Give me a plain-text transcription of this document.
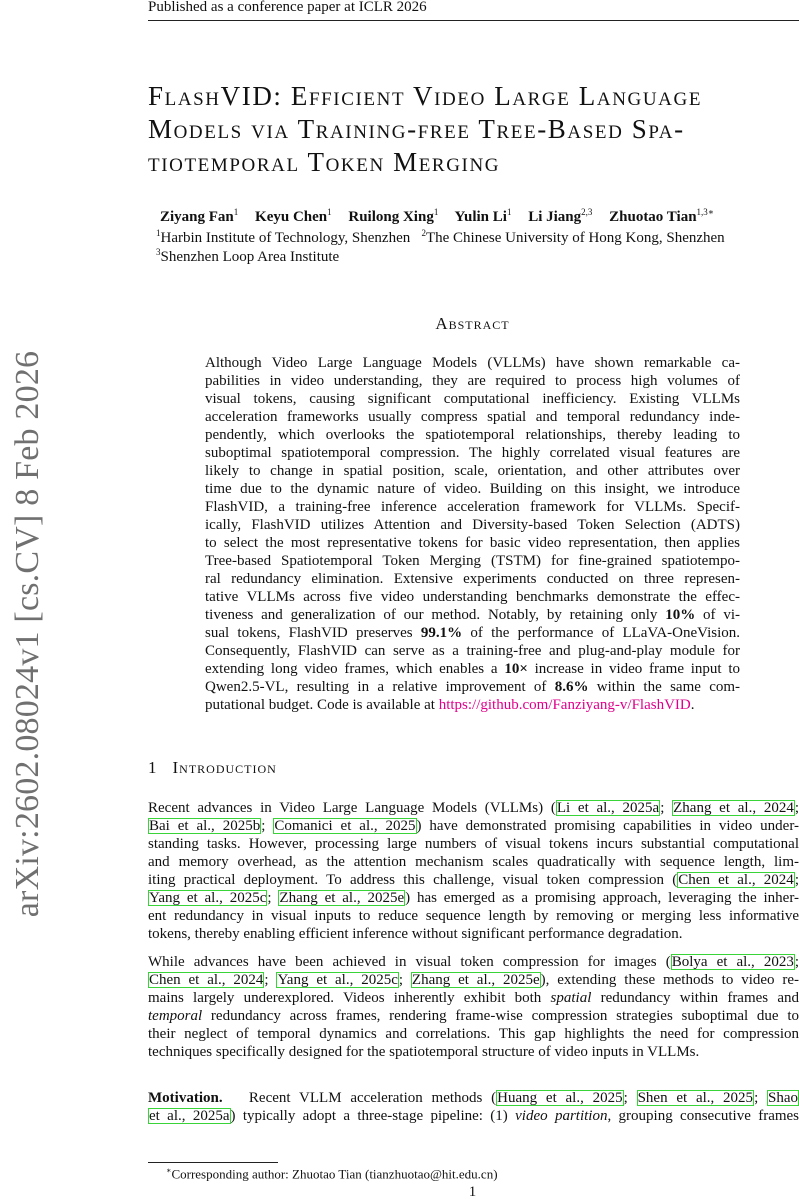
Published as a conference paper at ICLR 2026
arXiv:2602.08024v1 [cs.CV] 8 Feb 2026
FlashVID: Efficient Video Large Language
Models via Training-free Tree-Based Spa-
tiotemporal Token Merging
Ziyang Fan$^1$ Keyu Chen$^1$ Ruilong Xing$^1$ Yulin Li$^1$ Li Jiang$^{2,3}$ Zhuotao Tian$^{1,3∗}$
$^1$Harbin Institute of Technology, Shenzhen $^2$The Chinese University of Hong Kong, Shenzhen
$^3$Shenzhen Loop Area Institute
Abstract
Although Video Large Language Models (VLLMs) have shown remarkable ca-
pabilities in video understanding, they are required to process high volumes of
visual tokens, causing significant computational inefficiency. Existing VLLMs
acceleration frameworks usually compress spatial and temporal redundancy inde-
pendently, which overlooks the spatiotemporal relationships, thereby leading to
suboptimal spatiotemporal compression. The highly correlated visual features are
likely to change in spatial position, scale, orientation, and other attributes over
time due to the dynamic nature of video. Building on this insight, we introduce
FlashVID, a training-free inference acceleration framework for VLLMs. Specif-
ically, FlashVID utilizes Attention and Diversity-based Token Selection (ADTS)
to select the most representative tokens for basic video representation, then applies
Tree-based Spatiotemporal Token Merging (TSTM) for fine-grained spatiotempo-
ral redundancy elimination. Extensive experiments conducted on three represen-
tative VLLMs across five video understanding benchmarks demonstrate the effec-
tiveness and generalization of our method. Notably, by retaining only 10% of vi-
sual tokens, FlashVID preserves 99.1% of the performance of LLaVA-OneVision.
Consequently, FlashVID can serve as a training-free and plug-and-play module for
extending long video frames, which enables a 10× increase in video frame input to
Qwen2.5-VL, resulting in a relative improvement of 8.6% within the same com-
putational budget. Code is available at https://github.com/Fanziyang-v/FlashVID.
1 Introduction
Recent advances in Video Large Language Models (VLLMs) (Li et al., 2025a; Zhang et al., 2024;
Bai et al., 2025b; Comanici et al., 2025) have demonstrated promising capabilities in video under-
standing tasks. However, processing large numbers of visual tokens incurs substantial computational
and memory overhead, as the attention mechanism scales quadratically with sequence length, lim-
iting practical deployment. To address this challenge, visual token compression (Chen et al., 2024;
Yang et al., 2025c; Zhang et al., 2025e) has emerged as a promising approach, leveraging the inher-
ent redundancy in visual inputs to reduce sequence length by removing or merging less informative
tokens, thereby enabling efficient inference without significant performance degradation.
While advances have been achieved in visual token compression for images (Bolya et al., 2023;
Chen et al., 2024; Yang et al., 2025c; Zhang et al., 2025e), extending these methods to video re-
mains largely underexplored. Videos inherently exhibit both spatial redundancy within frames and
temporal redundancy across frames, rendering frame-wise compression strategies suboptimal due to
their neglect of temporal dynamics and correlations. This gap highlights the need for compression
techniques specifically designed for the spatiotemporal structure of video inputs in VLLMs.
Motivation. Recent VLLM acceleration methods (Huang et al., 2025; Shen et al., 2025; Shao
et al., 2025a) typically adopt a three-stage pipeline: (1) video partition, grouping consecutive frames
∗Corresponding author: Zhuotao Tian (tianzhuotao@hit.edu.cn)
1
